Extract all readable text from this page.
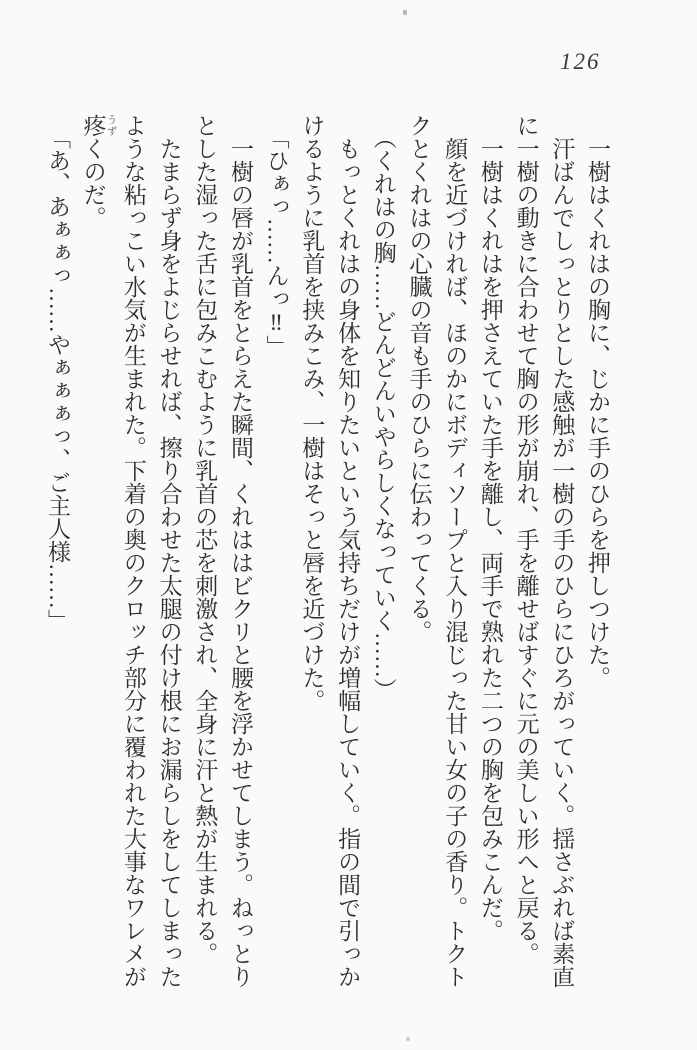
126
一樹はくれはの胸に、じかに手のひらを押しつけた。
汗ばんでしっとりとした感触が一樹の手のひらにひろがっていく。揺さぶれば素直
に一樹の動きに合わせて胸の形が崩れ、手を離せばすぐに元の美しい形へと戻る。
一樹はくれはを押さえていた手を離し、両手で熟れた二つの胸を包みこんだ。
顔を近づければ、ほのかにボディソープと入り混じった甘い女の子の香り。トクト
クとくれはの心臓の音も手のひらに伝わってくる。
（くれはの胸……どんどんいやらしくなっていく……）
もっとくれはの身体を知りたいという気持ちだけが増幅していく。指の間で引っか
けるように乳首を挟みこみ、一樹はそっと唇を近づけた。
「ひぁっ……んっ‼」
一樹の唇が乳首をとらえた瞬間、くれははビクリと腰を浮かせてしまう。ねっとり
とした湿った舌に包みこむように乳首の芯を刺激され、全身に汗と熱が生まれる。
たまらず身をよじらせれば、擦り合わせた太腿の付け根にお漏らしをしてしまった
ような粘っこい水気が生まれた。下着の奥のクロッチ部分に覆われた大事なワレメが
疼 うずくのだ。
「あ、あぁぁっ……やぁぁぁっ、ご主人様……」
